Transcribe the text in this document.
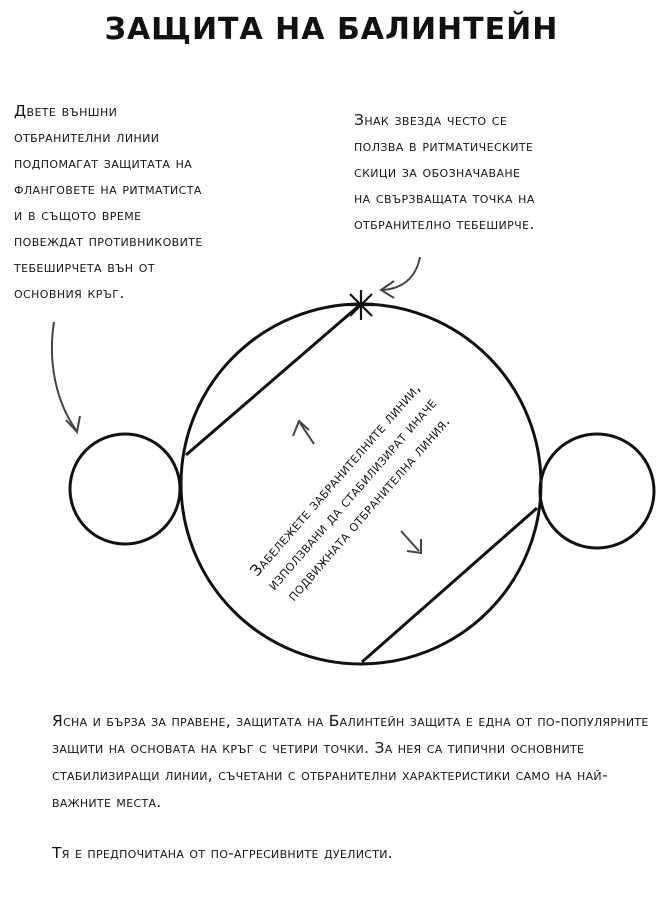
ЗАЩИТА НА БАЛИНТЕЙН
Двете външни
отбранителни линии
подпомагат защитата на
фланговете на ритматиста
и в същото време
повеждат противниковите
тебеширчета вън от
основния кръг.
Знак звезда често се
ползва в ритматическите
скици за обозначаване
на свързващата точка на
отбранително тебеширче.
Забележете забранителните линии, използвани да стабилизират иначе подвижната отбранителна линия.

Ясна и бърза за правене, защитата на Балинтейн защита е една от по-популярните защити на основата на кръг с четири точки. За нея са типични основните стабилизиращи линии, съчетани с отбранителни характеристики само на най-важните места.

Тя е предпочитана от по-агресивните дуелисти.
